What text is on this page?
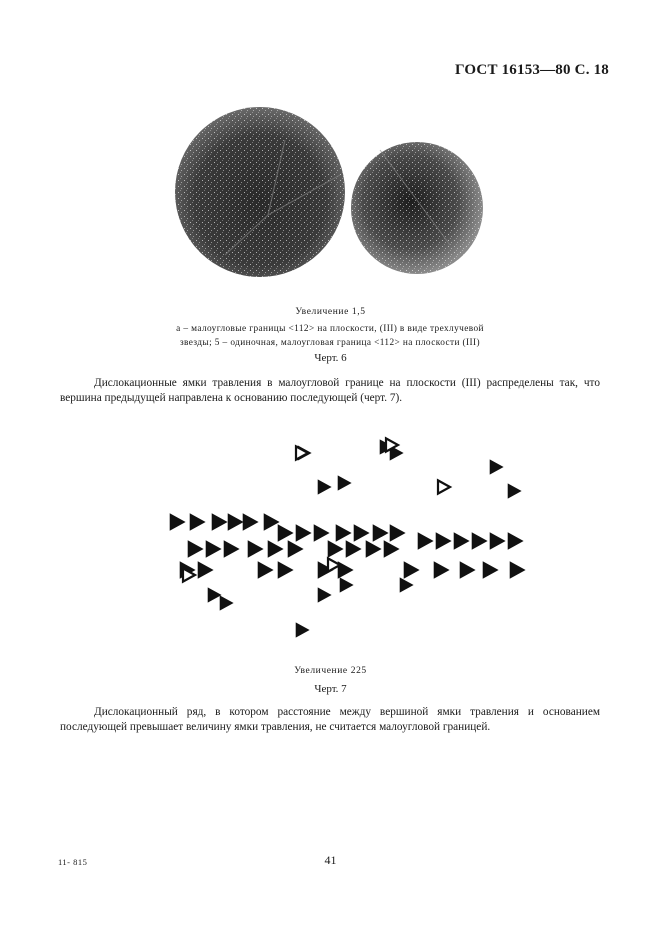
ГОСТ 16153—80 С. 18
Увеличение 1,5
а – малоугловые границы <112> на плоскости, (III) в виде трехлучевой
звезды; 5 – одиночная, малоугловая граница <112> на плоскости (III)
Черт. 6
Дислокационные ямки травления в малоугловой границе на плоскости (III) распределены так, что вершина предыдущей направлена к основанию последующей (черт. 7).
Увеличение 225
Черт. 7
Дислокационный ряд, в котором расстояние между вершиной ямки травления и основанием последующей превышает величину ямки травления, не считается малоугловой границей.
11- 815	41
